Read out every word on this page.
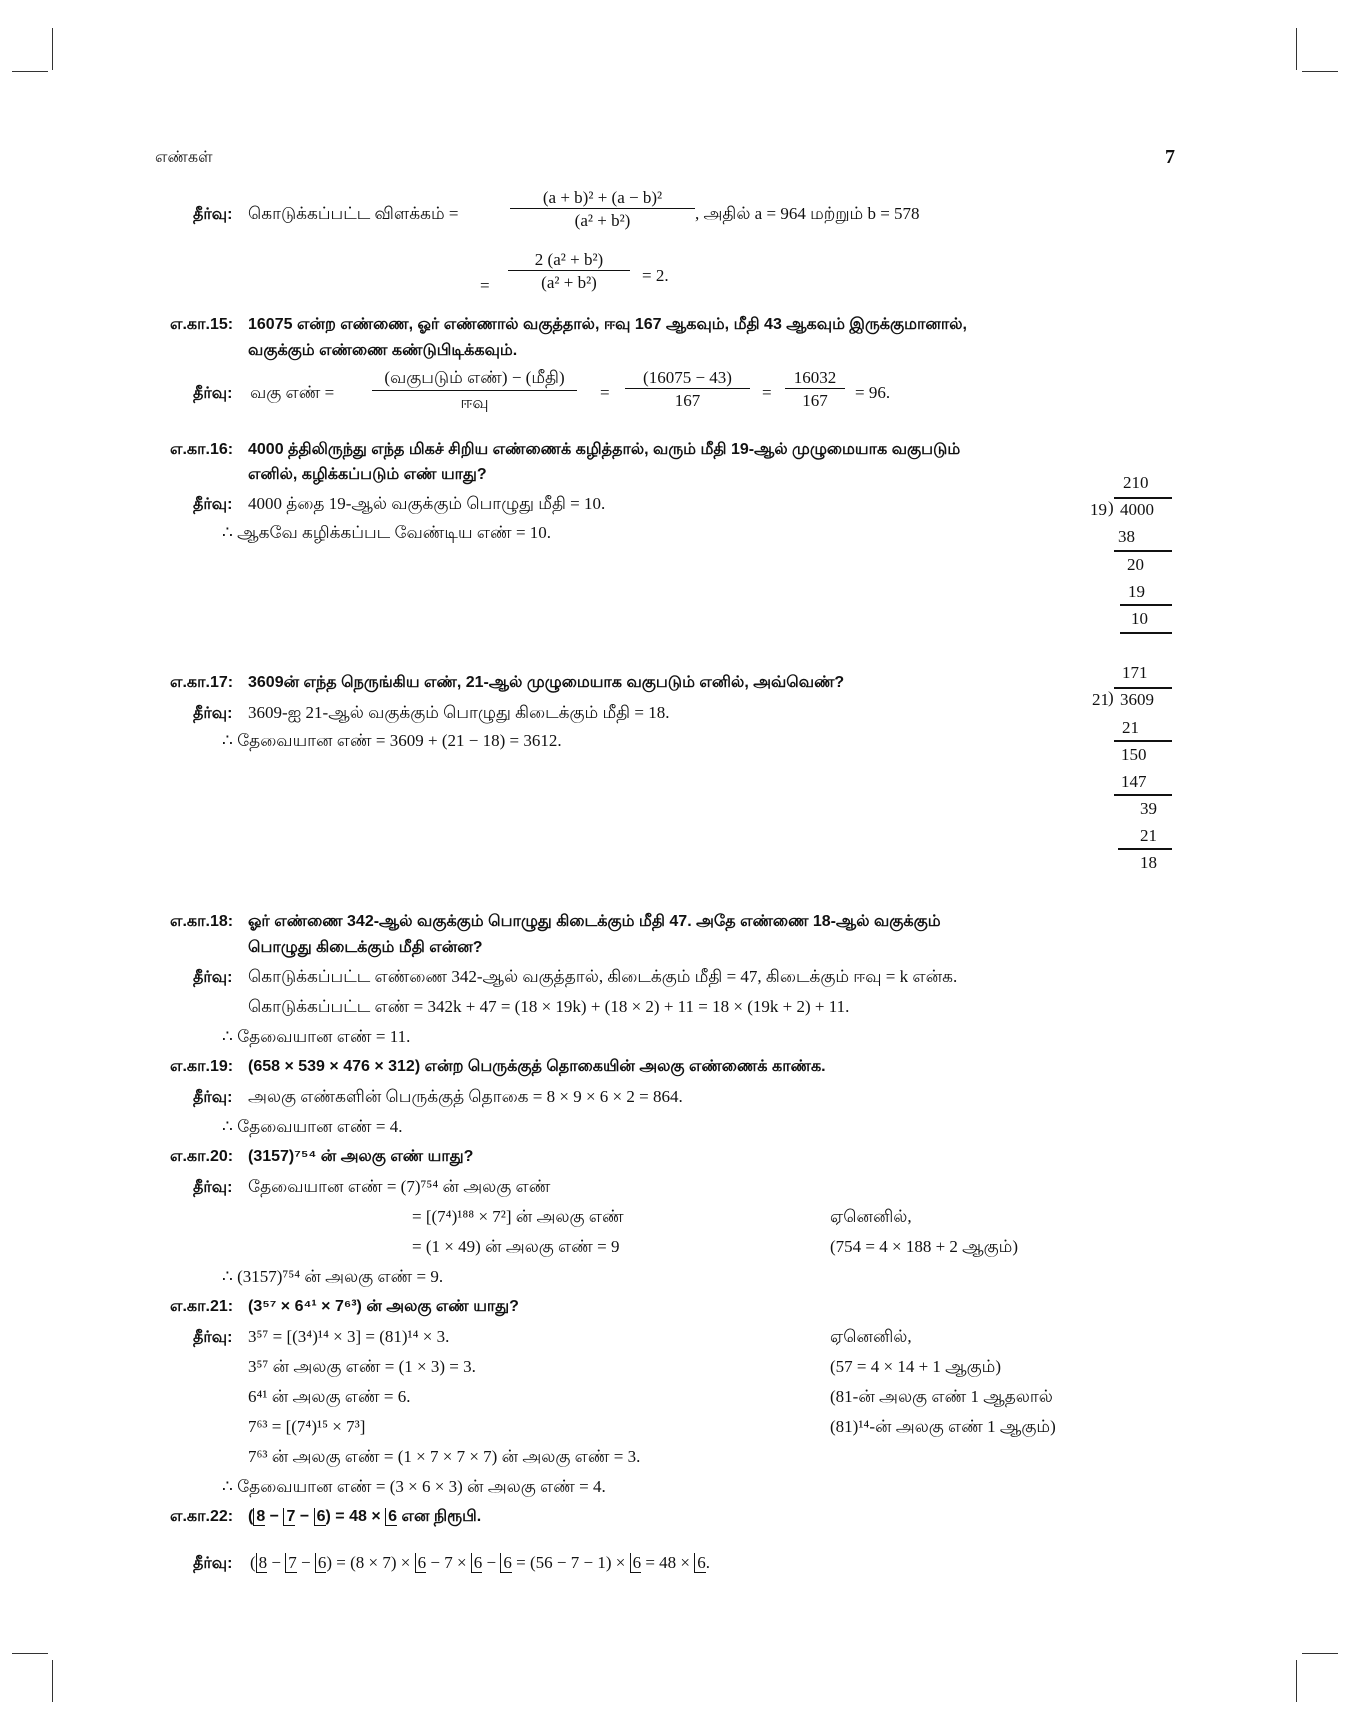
எண்கள்	7
தீர்வு: கொடுக்கப்பட்ட விளக்கம் =	$\frac{\text{(a + b)² + (a − b)²}}{\text{(a² + b²)}}$ , அதில் a = 964 மற்றும் b = 578
= $\frac{\text{2 (a² + b²)}}{\text{(a² + b²)}} = 2$.
எ.கா.15: 16075 என்ற எண்ணை, ஓர் எண்ணால் வகுத்தால், ஈவு 167 ஆகவும், மீதி 43 ஆகவும் இருக்குமானால்,
வகுக்கும் எண்ணை கண்டுபிடிக்கவும்.
தீர்வு: வகு எண் =
(வகுபடும் எண்) − (மீதி)
ஈவு
= $\frac{(16075 - 43)}{167} = \frac{16032}{167} = 96$.
எ.கா.16: 4000 த்திலிருந்து எந்த மிகச் சிறிய எண்ணைக் கழித்தால், வரும் மீதி 19-ஆல் முழுமையாக வகுபடும்
எனில், கழிக்கப்படும் எண் யாது?
தீர்வு: 4000 த்தை 19-ஆல் வகுக்கும் பொழுது மீதி = 10.
∴ ஆகவே கழிக்கப்பட வேண்டிய எண் = 10.
210
19 ) 4000
38
20
19
10
எ.கா.17: 3609ன் எந்த நெருங்கிய எண், 21-ஆல் முழுமையாக வகுபடும் எனில், அவ்வெண்?
தீர்வு: 3609-ஐ 21-ஆல் வகுக்கும் பொழுது கிடைக்கும் மீதி = 18.
∴ தேவையான எண் = 3609 + (21 − 18) = 3612.
171
21 ) 3609
21
150
147
39
21
18
எ.கா.18: ஓர் எண்ணை 342-ஆல் வகுக்கும் பொழுது கிடைக்கும் மீதி 47. அதே எண்ணை 18-ஆல் வகுக்கும்
பொழுது கிடைக்கும் மீதி என்ன?
தீர்வு: கொடுக்கப்பட்ட எண்ணை 342-ஆல் வகுத்தால், கிடைக்கும் மீதி = 47, கிடைக்கும் ஈவு = k என்க.
கொடுக்கப்பட்ட எண் = 342k + 47 = (18 × 19k) + (18 × 2) + 11 = 18 × (19k + 2) + 11.
∴ தேவையான எண் = 11.
எ.கா.19: (658 × 539 × 476 × 312) என்ற பெருக்குத் தொகையின் அலகு எண்ணைக் காண்க.
தீர்வு: அலகு எண்களின் பெருக்குத் தொகை = 8 × 9 × 6 × 2 = 864.
∴ தேவையான எண் = 4.
எ.கா.20: (3157)⁷⁵⁴ ன் அலகு எண் யாது?
தீர்வு: தேவையான எண் = (7)⁷⁵⁴ ன் அலகு எண்
= [(7⁴)¹⁸⁸ × 7²] ன் அலகு எண்	ஏனெனில்,
= (1 × 49) ன் அலகு எண் = 9	(754 = 4 × 188 + 2 ஆகும்)
∴ (3157)⁷⁵⁴ ன் அலகு எண் = 9.
எ.கா.21: (3⁵⁷ × 6⁴¹ × 7⁶³) ன் அலகு எண் யாது?
தீர்வு: 3⁵⁷ = [(3⁴)¹⁴ × 3] = (81)¹⁴ × 3.	ஏனெனில்,
3⁵⁷ ன் அலகு எண் = (1 × 3) = 3.	(57 = 4 × 14 + 1 ஆகும்)
6⁴¹ ன் அலகு எண் = 6.	(81-ன் அலகு எண் 1 ஆதலால்
7⁶³ = [(7⁴)¹⁵ × 7³]	(81)¹⁴-ன் அலகு எண் 1 ஆகும்)
7⁶³ ன் அலகு எண் = (1 × 7 × 7 × 7) ன் அலகு எண் = 3.
∴ தேவையான எண் = (3 × 6 × 3) ன் அலகு எண் = 4.
எ.கா.22: ( 8 − 7 − 6) = 48 × 6 என நிரூபி.
தீர்வு: ( 8 − 7 − 6) = (8 × 7) × 6 − 7 × 6 − 6 = (56 − 7 − 1) × 6 = 48 × 6.
